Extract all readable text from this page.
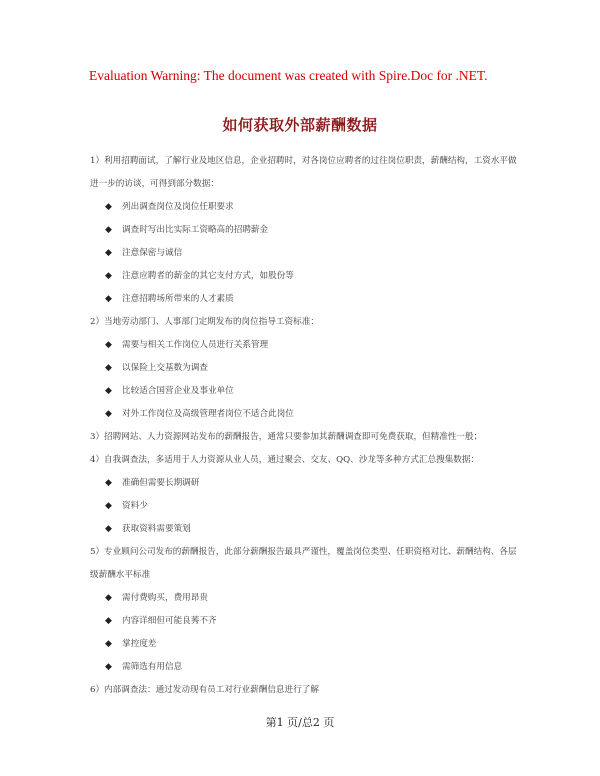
Evaluation Warning: The document was created with Spire.Doc for .NET.
如何获取外部薪酬数据

1）利用招聘面试，了解行业及地区信息，企业招聘时，对各岗位应聘者的过往岗位职责，薪酬结构，工资水平做进一步的访谈，可得到部分数据：

◆ 列出调查岗位及岗位任职要求
◆ 调查时写出比实际工资略高的招聘薪金
◆ 注意保密与诚信
◆ 注意应聘者的薪金的其它支付方式，如股份等
◆ 注意招聘场所带来的人才素质

2）当地劳动部门、人事部门定期发布的岗位指导工资标准：

◆ 需要与相关工作岗位人员进行关系管理
◆ 以保险上交基数为调查
◆ 比较适合国营企业及事业单位
◆ 对外工作岗位及高级管理者岗位不适合此岗位

3）招聘网站、人力资源网站发布的薪酬报告，通常只要参加其薪酬调查即可免费获取，但精准性一般；

4）自我调查法，多适用于人力资源从业人员，通过聚会、交友、QQ、沙龙等多种方式汇总搜集数据：

◆ 准确但需要长期调研
◆ 资料少
◆ 获取资料需要策划

5）专业顾问公司发布的薪酬报告，此部分薪酬报告最具严谨性，覆盖岗位类型、任职资格对比、薪酬结构、各层级薪酬水平标准

◆ 需付费购买，费用昂贵
◆ 内容详细但可能良莠不齐
◆ 掌控度差
◆ 需筛选有用信息

6）内部调查法：通过发动现有员工对行业薪酬信息进行了解

第1 页/总2 页
